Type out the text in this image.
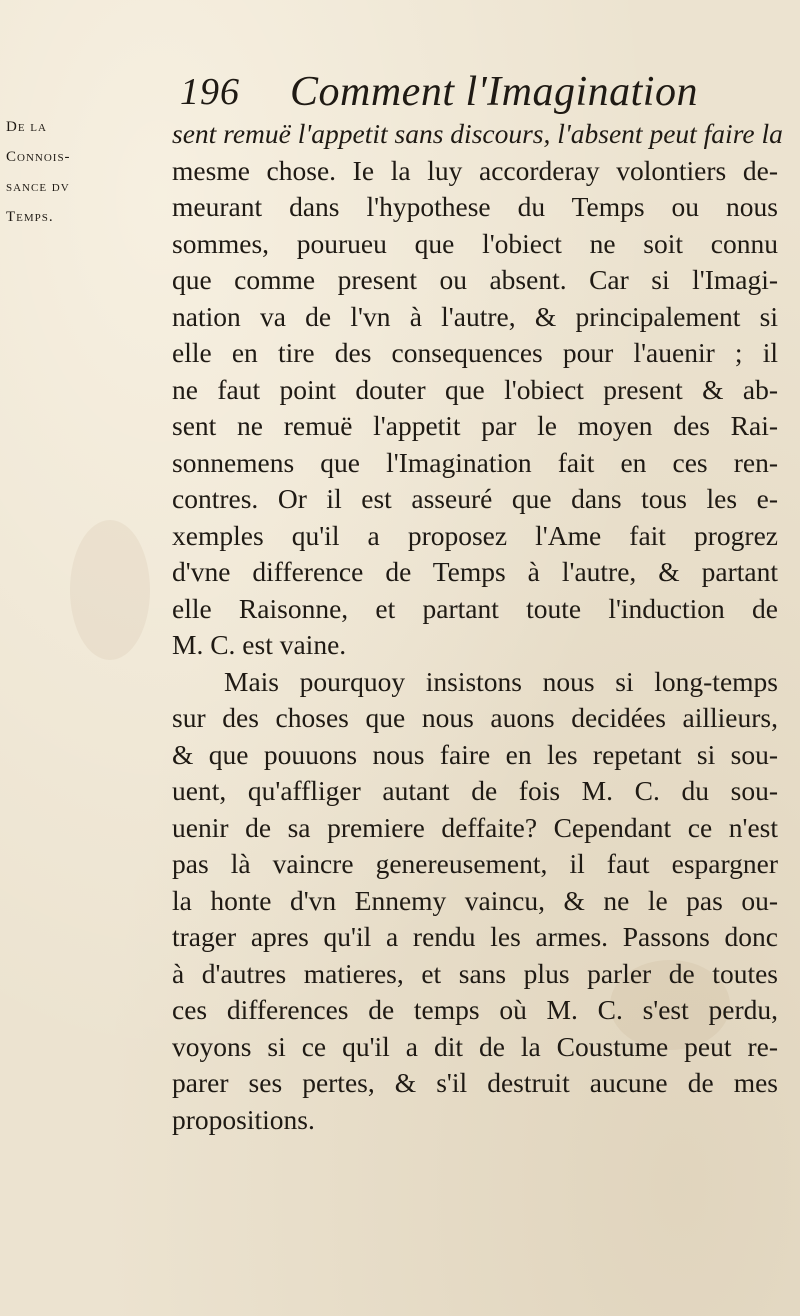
196 Comment l'Imagination
De la
Connois-
sance dv
Temps.
sent remuë l'appetit sans discours, l'absent peut faire la
mesme chose. Ie la luy accorderay volontiers de-
meurant dans l'hypothese du Temps ou nous
sommes, pourueu que l'obiect ne soit connu
que comme present ou absent. Car si l'Imagi-
nation va de l'vn à l'autre, & principalement si
elle en tire des consequences pour l'auenir ; il
ne faut point douter que l'obiect present & ab-
sent ne remuë l'appetit par le moyen des Rai-
sonnemens que l'Imagination fait en ces ren-
contres. Or il est asseuré que dans tous les e-
xemples qu'il a proposez l'Ame fait progrez
d'vne difference de Temps à l'autre, & partant
elle Raisonne, et partant toute l'induction de
M. C. est vaine.
Mais pourquoy insistons nous si long-temps
sur des choses que nous auons decidées aillieurs,
& que pouuons nous faire en les repetant si sou-
uent, qu'affliger autant de fois M. C. du sou-
uenir de sa premiere deffaite? Cependant ce n'est
pas là vaincre genereusement, il faut espargner
la honte d'vn Ennemy vaincu, & ne le pas ou-
trager apres qu'il a rendu les armes. Passons donc
à d'autres matieres, et sans plus parler de toutes
ces differences de temps où M. C. s'est perdu,
voyons si ce qu'il a dit de la Coustume peut re-
parer ses pertes, & s'il destruit aucune de mes
propositions.
